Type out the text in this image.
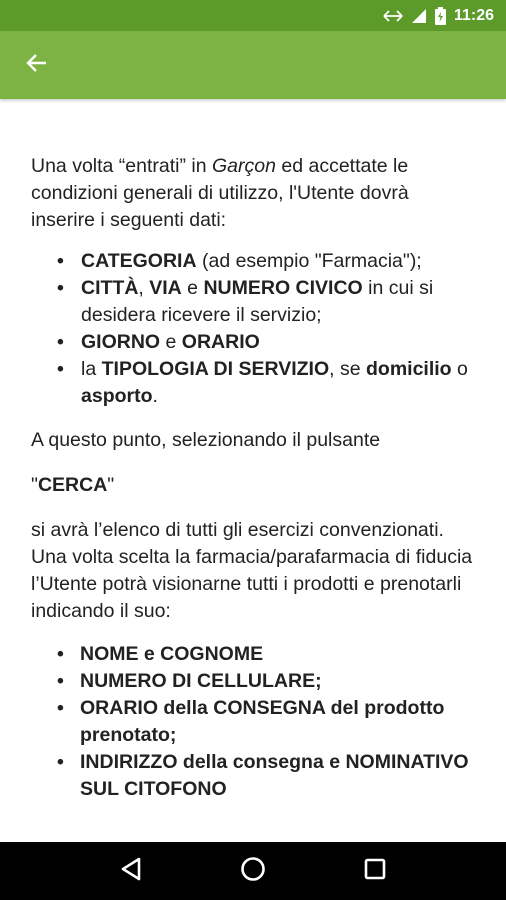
11:26

Una volta “entrati” in Garçon ed accettate le condizioni generali di utilizzo, l'Utente dovrà inserire i seguenti dati:

• CATEGORIA (ad esempio "Farmacia");
• CITTÀ, VIA e NUMERO CIVICO in cui si desidera ricevere il servizio;
• GIORNO e ORARIO
• la TIPOLOGIA DI SERVIZIO, se domicilio o asporto.

A questo punto, selezionando il pulsante

"CERCA"

si avrà l’elenco di tutti gli esercizi convenzionati. Una volta scelta la farmacia/parafarmacia di fiducia l’Utente potrà visionarne tutti i prodotti e prenotarli indicando il suo:

• NOME e COGNOME
• NUMERO DI CELLULARE;
• ORARIO della CONSEGNA del prodotto prenotato;
• INDIRIZZO della consegna e NOMINATIVO SUL CITOFONO
